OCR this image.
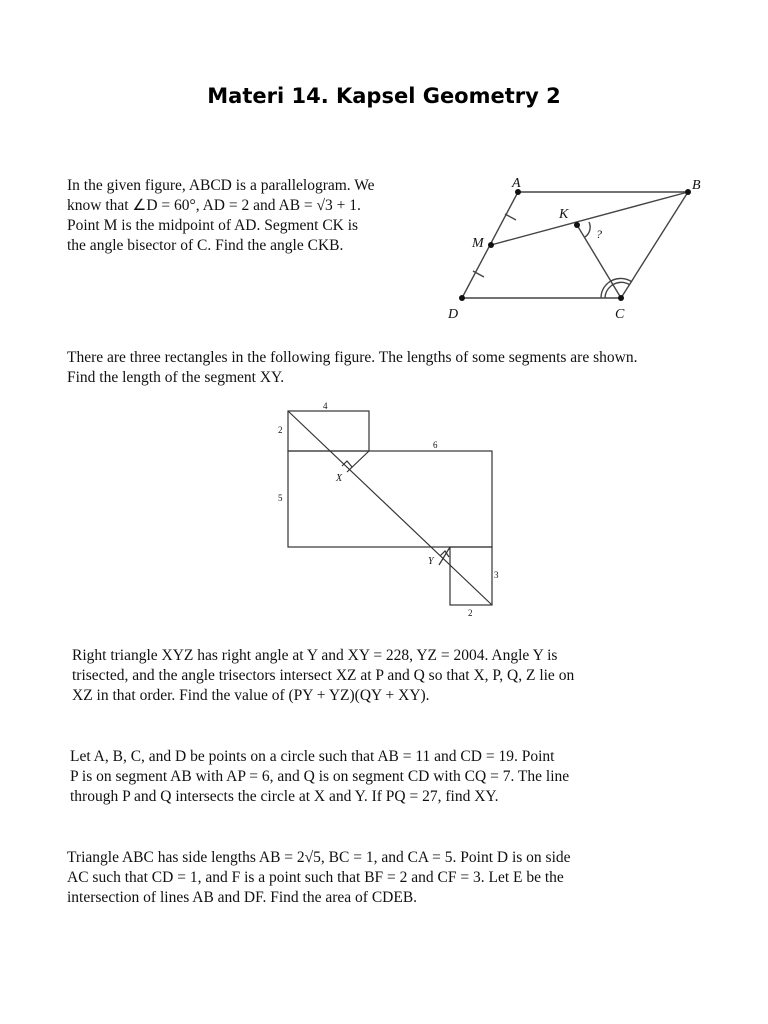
Materi 14. Kapsel Geometry 2

In the given figure, ABCD is a parallelogram. We
know that ∠D = 60°, AD = 2 and AB = √3 + 1.
Point M is the midpoint of AD. Segment CK is
the angle bisector of C. Find the angle CKB.

A	B
K
M
?
D	C

There are three rectangles in the following figure. The lengths of some segments are shown.
Find the length of the segment XY.

4
2
6
X
5
Y
3
2

Right triangle XYZ has right angle at Y and XY = 228, YZ = 2004. Angle Y is
trisected, and the angle trisectors intersect XZ at P and Q so that X, P, Q, Z lie on
XZ in that order. Find the value of (PY + YZ)(QY + XY).

Let A, B, C, and D be points on a circle such that AB = 11 and CD = 19. Point
P is on segment AB with AP = 6, and Q is on segment CD with CQ = 7. The line
through P and Q intersects the circle at X and Y. If PQ = 27, find XY.

Triangle ABC has side lengths AB = 2√5, BC = 1, and CA = 5. Point D is on side
AC such that CD = 1, and F is a point such that BF = 2 and CF = 3. Let E be the
intersection of lines AB and DF. Find the area of CDEB.
